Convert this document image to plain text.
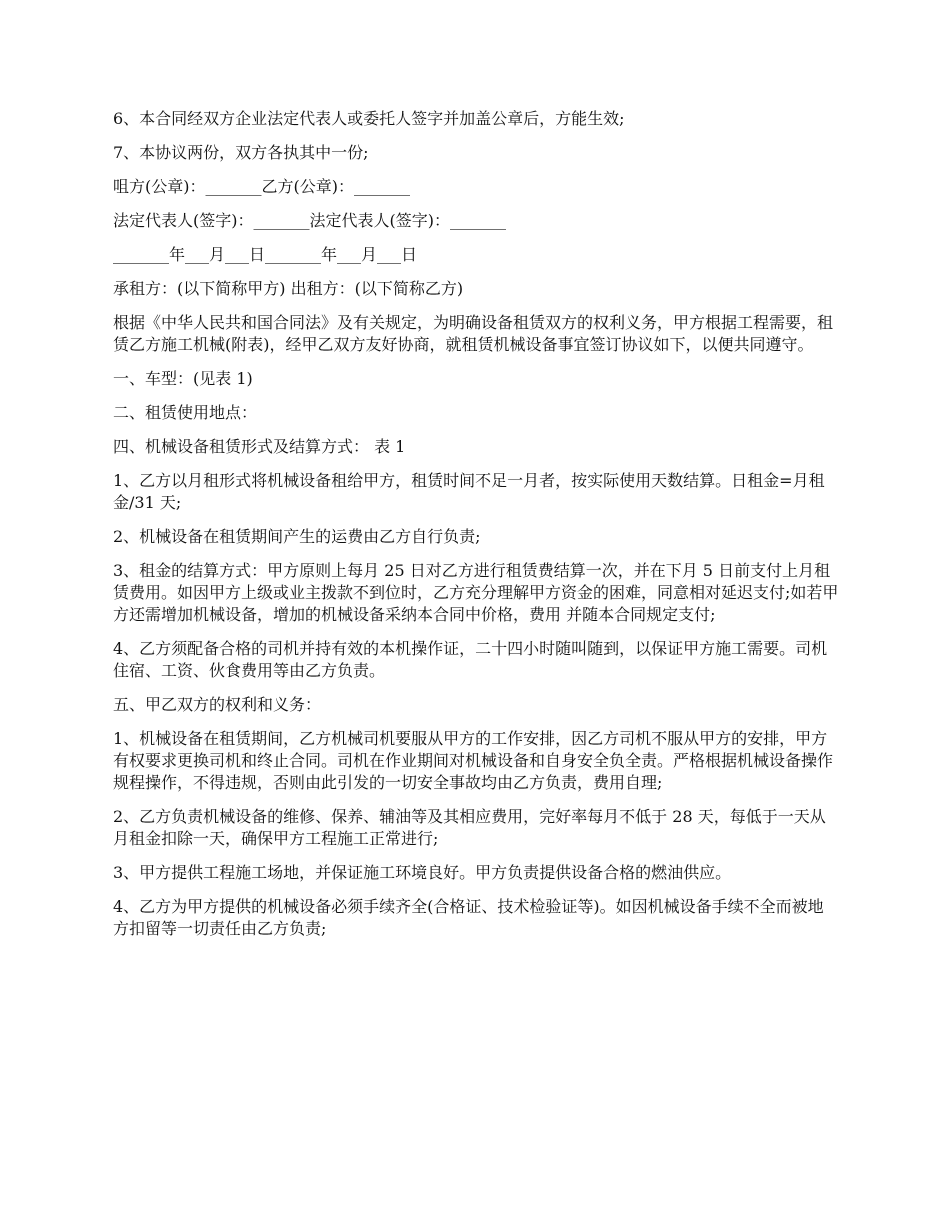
6、本合同经双方企业法定代表人或委托人签字并加盖公章后，方能生效;

7、本协议两份，双方各执其中一份;

咀方(公章)：_______乙方(公章)：_______

法定代表人(签字)：_______法定代表人(签字)：_______

_______年___月___日_______年___月___日

承租方：(以下简称甲方) 出租方：(以下简称乙方)

根据《中华人民共和国合同法》及有关规定，为明确设备租赁双方的权利义务，甲方根据工程需要，租赁乙方施工机械(附表)，经甲乙双方友好协商，就租赁机械设备事宜签订协议如下，以便共同遵守。

一、车型：(见表 1)

二、租赁使用地点：

四、机械设备租赁形式及结算方式： 表 1

1、乙方以月租形式将机械设备租给甲方，租赁时间不足一月者，按实际使用天数结算。日租金=月租金/31 天;

2、机械设备在租赁期间产生的运费由乙方自行负责;

3、租金的结算方式：甲方原则上每月 25 日对乙方进行租赁费结算一次，并在下月 5 日前支付上月租赁费用。如因甲方上级或业主拨款不到位时，乙方充分理解甲方资金的困难，同意相对延迟支付;如若甲方还需增加机械设备，增加的机械设备采纳本合同中价格，费用 并随本合同规定支付;

4、乙方须配备合格的司机并持有效的本机操作证，二十四小时随叫随到，以保证甲方施工需要。司机住宿、工资、伙食费用等由乙方负责。

五、甲乙双方的权利和义务：

1、机械设备在租赁期间，乙方机械司机要服从甲方的工作安排，因乙方司机不服从甲方的安排，甲方有权要求更换司机和终止合同。司机在作业期间对机械设备和自身安全负全责。严格根据机械设备操作规程操作，不得违规，否则由此引发的一切安全事故均由乙方负责，费用自理;

2、乙方负责机械设备的维修、保养、辅油等及其相应费用，完好率每月不低于 28 天，每低于一天从月租金扣除一天，确保甲方工程施工正常进行;

3、甲方提供工程施工场地，并保证施工环境良好。甲方负责提供设备合格的燃油供应。

4、乙方为甲方提供的机械设备必须手续齐全(合格证、技术检验证等)。如因机械设备手续不全而被地方扣留等一切责任由乙方负责;
